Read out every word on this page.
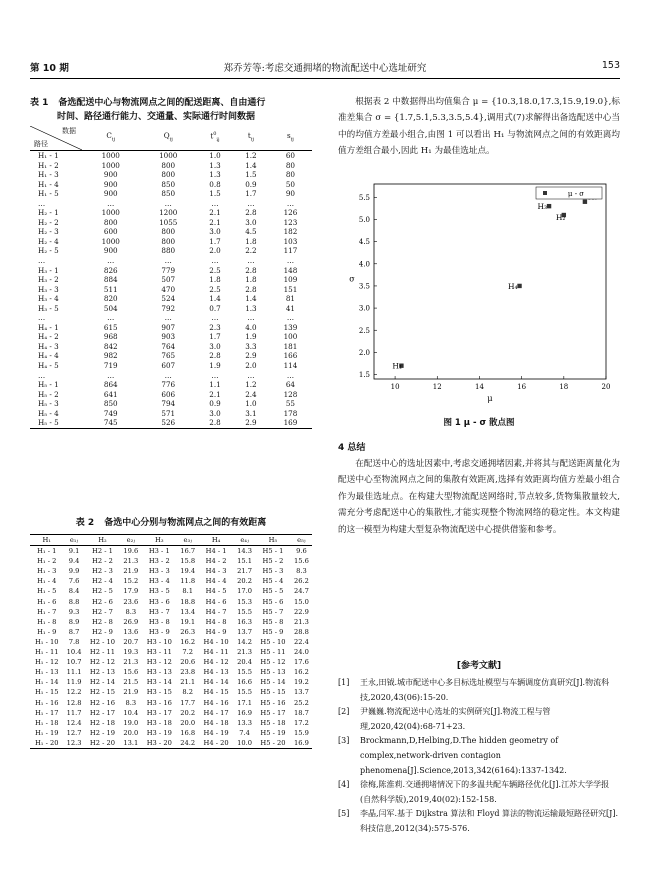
第 10 期	郑乔芳等:考虑交通拥堵的物流配送中心选址研究	153
表 1 备选配送中心与物流网点之间的配送距离、自由通行
时间、路径通行能力、交通量、实际通行时间数据
数据
路径	$C_{ij}$	$Q_{ij}$	$t^0_{ij}$	$t_{ij}$	$s_{ij}$
H₁ - 1	1000	1000	1.0	1.2	60
H₁ - 2	1000	800	1.3	1.4	80
H₁ - 3	900	800	1.3	1.5	80
H₁ - 4	900	850	0.8	0.9	50
H₁ - 5	900	850	1.5	1.7	90
…	…	…	…	…	…
H₂ - 1	1000	1200	2.1	2.8	126
H₂ - 2	800	1055	2.1	3.0	123
H₂ - 3	600	800	3.0	4.5	182
H₂ - 4	1000	800	1.7	1.8	103
H₂ - 5	900	880	2.0	2.2	117
…	…	…	…	…	…
H₃ - 1	826	779	2.5	2.8	148
H₃ - 2	884	507	1.8	1.8	109
H₃ - 3	511	470	2.5	2.8	151
H₃ - 4	820	524	1.4	1.4	81
H₃ - 5	504	792	0.7	1.3	41
…	…	…	…	…	…
H₄ - 1	615	907	2.3	4.0	139
H₄ - 2	968	903	1.7	1.9	100
H₄ - 3	842	764	3.0	3.3	181
H₄ - 4	982	765	2.8	2.9	166
H₄ - 5	719	607	1.9	2.0	114
…	…	…	…	…	…
H₅ - 1	864	776	1.1	1.2	64
H₅ - 2	641	606	2.1	2.4	128
H₅ - 3	850	794	0.9	1.0	55
H₅ - 4	749	571	3.0	3.1	178
H₅ - 5	745	526	2.8	2.9	169
表 2 备选中心分别与物流网点之间的有效距离
H₁	e₁ⱼ	H₂	e₂ⱼ	H₃	e₃ⱼ	H₄	e₄ⱼ	H₅	e₅ⱼ
H₁ - 1	9.1	H2 - 1	19.6	H3 - 1	16.7	H4 - 1	14.3	H5 - 1	9.6
H₁ - 2	9.4	H2 - 2	21.3	H3 - 2	15.8	H4 - 2	15.1	H5 - 2	15.6
H₁ - 3	9.9	H2 - 3	21.9	H3 - 3	19.4	H4 - 3	21.7	H5 - 3	8.3
H₁ - 4	7.6	H2 - 4	15.2	H3 - 4	11.8	H4 - 4	20.2	H5 - 4	26.2
H₁ - 5	8.4	H2 - 5	17.9	H3 - 5	8.1	H4 - 5	17.0	H5 - 5	24.7
H₁ - 6	8.8	H2 - 6	23.6	H3 - 6	18.8	H4 - 6	15.3	H5 - 6	15.0
H₁ - 7	9.3	H2 - 7	8.3	H3 - 7	13.4	H4 - 7	15.5	H5 - 7	22.9
H₁ - 8	8.9	H2 - 8	26.9	H3 - 8	19.1	H4 - 8	16.3	H5 - 8	21.3
H₁ - 9	8.7	H2 - 9	13.6	H3 - 9	26.3	H4 - 9	13.7	H5 - 9	28.8
H₁ - 10	7.8	H2 - 10	20.7	H3 - 10	16.2	H4 - 10	14.2	H5 - 10	22.4
H₁ - 11	10.4	H2 - 11	19.3	H3 - 11	7.2	H4 - 11	21.3	H5 - 11	24.0
H₁ - 12	10.7	H2 - 12	21.3	H3 - 12	20.6	H4 - 12	20.4	H5 - 12	17.6
H₁ - 13	11.1	H2 - 13	15.6	H3 - 13	23.8	H4 - 13	15.5	H5 - 13	16.2
H₁ - 14	11.9	H2 - 14	21.5	H3 - 14	21.1	H4 - 14	16.6	H5 - 14	19.2
H₁ - 15	12.2	H2 - 15	21.9	H3 - 15	8.2	H4 - 15	15.5	H5 - 15	13.7
H₁ - 16	12.8	H2 - 16	8.3	H3 - 16	17.7	H4 - 16	17.1	H5 - 16	25.2
H₁ - 17	11.7	H2 - 17	10.4	H3 - 17	20.2	H4 - 17	16.9	H5 - 17	18.7
H₁ - 18	12.4	H2 - 18	19.0	H3 - 18	20.0	H4 - 18	13.3	H5 - 18	17.2
H₁ - 19	12.7	H2 - 19	20.0	H3 - 19	16.8	H4 - 19	7.4	H5 - 19	15.9
H₁ - 20	12.3	H2 - 20	13.1	H3 - 20	24.2	H4 - 20	10.0	H5 - 20	16.9
根据表 2 中数据得出均值集合 μ = {10.3,18.0,17.3,15.9,19.0},标准差集合 σ = {1.7,5.1,5.3,3.5,5.4},调用式(7)求解得出备选配送中心当中的均值方差最小组合,由图 1 可以看出 H₁ 与物流网点之间的有效距离均值方差组合最小,因此 H₁ 为最佳选址点。
10	12	14	16	18	20
1.5
2.0
2.5
3.0
3.5
4.0
4.5
5.0
5.5
μ
σ
H₁
H₂
H₃
H₄
μ - σ
图 1 μ - σ 散点图
4 总结
在配送中心的选址因素中,考虑交通拥堵因素,并将其与配送距离量化为配送中心至物流网点之间的集散有效距离,选择有效距离均值方差最小组合作为最佳选址点。在构建大型物流配送网络时,节点较多,货物集散量较大,需充分考虑配送中心的集散性,才能实现整个物流网络的稳定性。本文构建的这一模型为构建大型复杂物流配送中心提供借鉴和参考。
[参考文献]
[1]	王永,田钺.城市配送中心多目标选址模型与车辆调度仿真研究[J].物流科技,2020,43(06):15-20.
[2]	尹巍巍.物流配送中心选址的实例研究[J].物流工程与管理,2020,42(04):68-71+23.
[3]	Brockmann,D,Helbing,D.The hidden geometry of complex,network-driven contagion phenomena[J].Science,2013,342(6164):1337-1342.
[4]	徐梅,陈淮莉.交通拥堵情况下的多温共配车辆路径优化[J].江苏大学学报(自然科学版),2019,40(02):152-158.
[5]	李晶,闫军.基于 Dijkstra 算法和 Floyd 算法的物流运输最短路径研究[J].科技信息,2012(34):575-576.
